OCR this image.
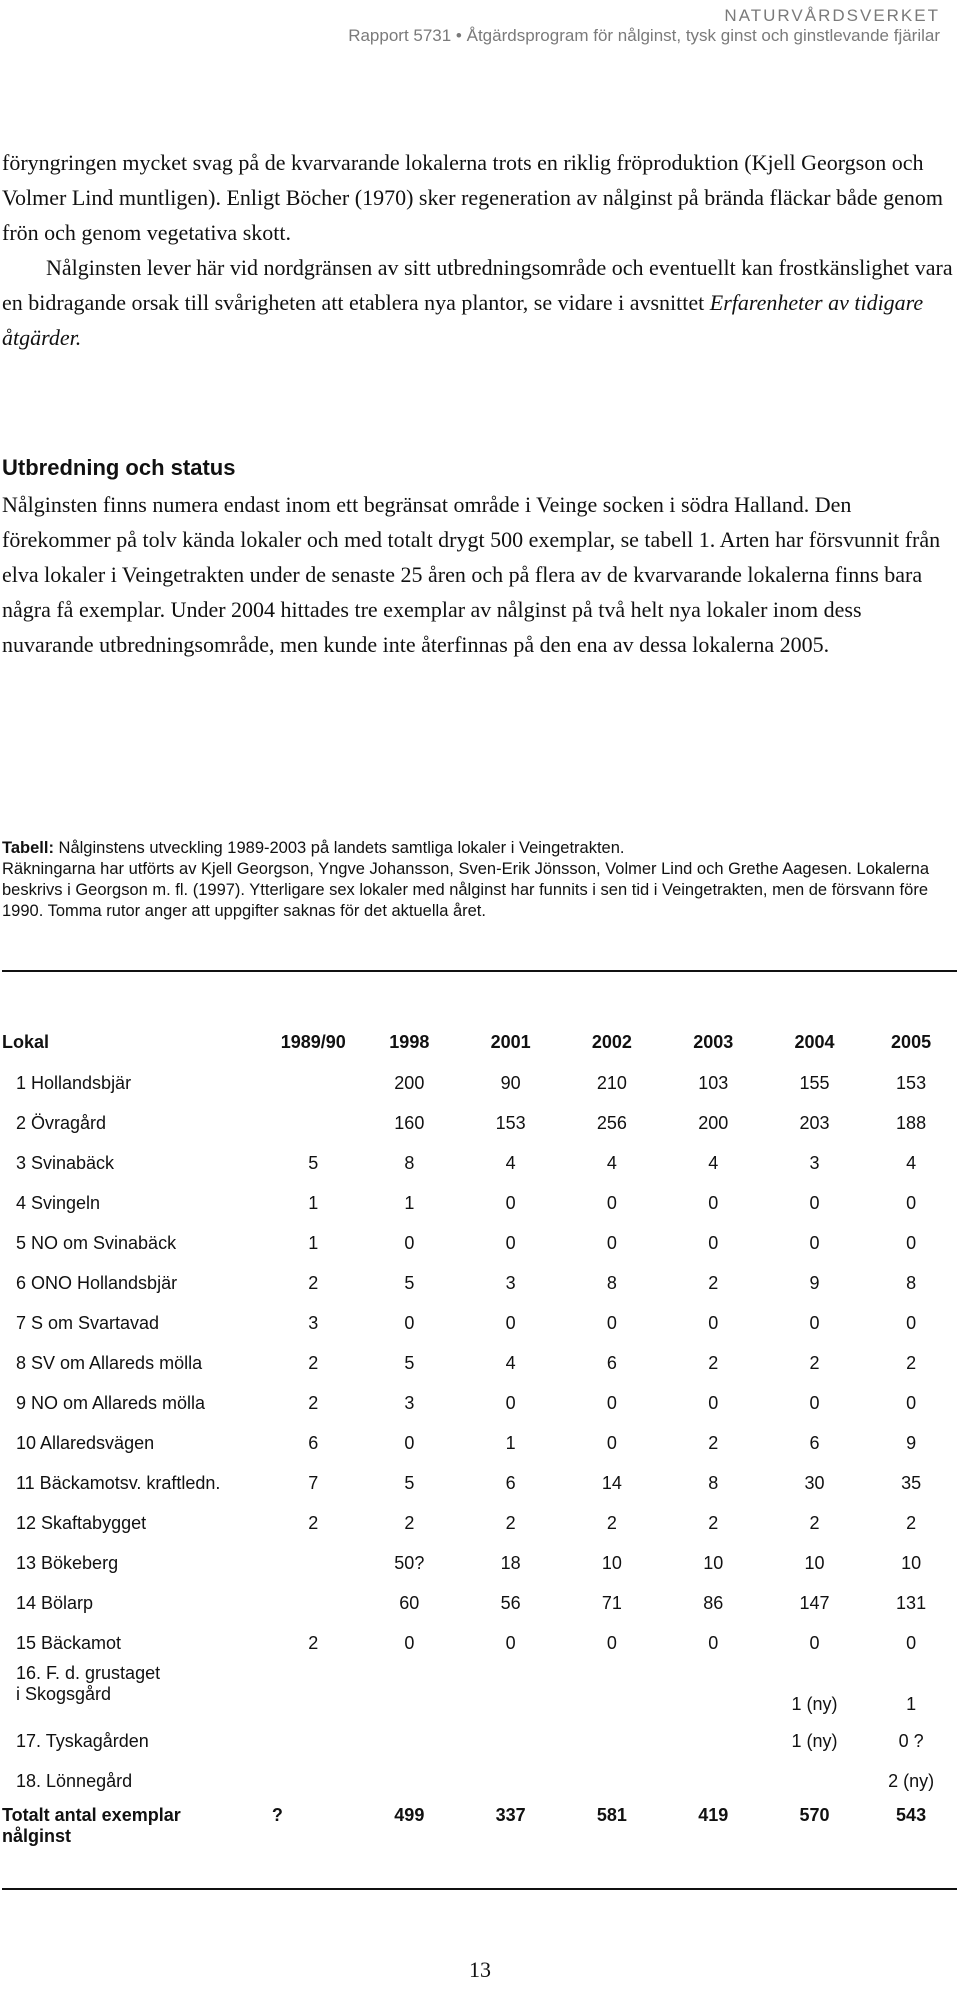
NATURVÅRDSVERKET
Rapport 5731 • Åtgärdsprogram för nålginst, tysk ginst och ginstlevande fjärilar

föryngringen mycket svag på de kvarvarande lokalerna trots en riklig fröproduktion (Kjell Georgson och Volmer Lind muntligen). Enligt Böcher (1970) sker regeneration av nålginst på brända fläckar både genom frön och genom vegetativa skott.

Nålginsten lever här vid nordgränsen av sitt utbredningsområde och eventuellt kan frostkänslighet vara en bidragande orsak till svårigheten att etablera nya plantor, se vidare i avsnittet Erfarenheter av tidigare åtgärder.

Utbredning och status

Nålginsten finns numera endast inom ett begränsat område i Veinge socken i södra Halland. Den förekommer på tolv kända lokaler och med totalt drygt 500 exemplar, se tabell 1. Arten har försvunnit från elva lokaler i Veingetrakten under de senaste 25 åren och på flera av de kvarvarande lokalerna finns bara några få exemplar. Under 2004 hittades tre exemplar av nålginst på två helt nya lokaler inom dess nuvarande utbredningsområde, men kunde inte återfinnas på den ena av dessa lokalerna 2005.

Tabell: Nålginstens utveckling 1989-2003 på landets samtliga lokaler i Veingetrakten.
Räkningarna har utförts av Kjell Georgson, Yngve Johansson, Sven-Erik Jönsson, Volmer Lind och Grethe Aagesen. Lokalerna beskrivs i Georgson m. fl. (1997). Ytterligare sex lokaler med nålginst har funnits i sen tid i Veingetrakten, men de försvann före 1990. Tomma rutor anger att uppgifter saknas för det aktuella året.
Lokal	1989/90	1998	2001	2002	2003	2004	2005
1 Hollandsbjär		200	90	210	103	155	153
2 Övragård		160	153	256	200	203	188
3 Svinabäck	5	8	4	4	4	3	4
4 Svingeln	1	1	0	0	0	0	0
5 NO om Svinabäck	1	0	0	0	0	0	0
6 ONO Hollandsbjär	2	5	3	8	2	9	8
7 S om Svartavad	3	0	0	0	0	0	0
8 SV om Allareds mölla	2	5	4	6	2	2	2
9 NO om Allareds mölla	2	3	0	0	0	0	0
10 Allaredsvägen	6	0	1	0	2	6	9
11 Bäckamotsv. kraftledn.	7	5	6	14	8	30	35
12 Skaftabygget	2	2	2	2	2	2	2
13 Bökeberg		50?	18	10	10	10	10
14 Bölarp		60	56	71	86	147	131
15 Bäckamot	2	0	0	0	0	0	0
16. F. d. grustaget
i Skogsgård						1 (ny)	1
17. Tyskagården						1 (ny)	0 ?
18. Lönnegård							2 (ny)
Totalt antal exemplar
nålginst	?	499	337	581	419	570	543
13
